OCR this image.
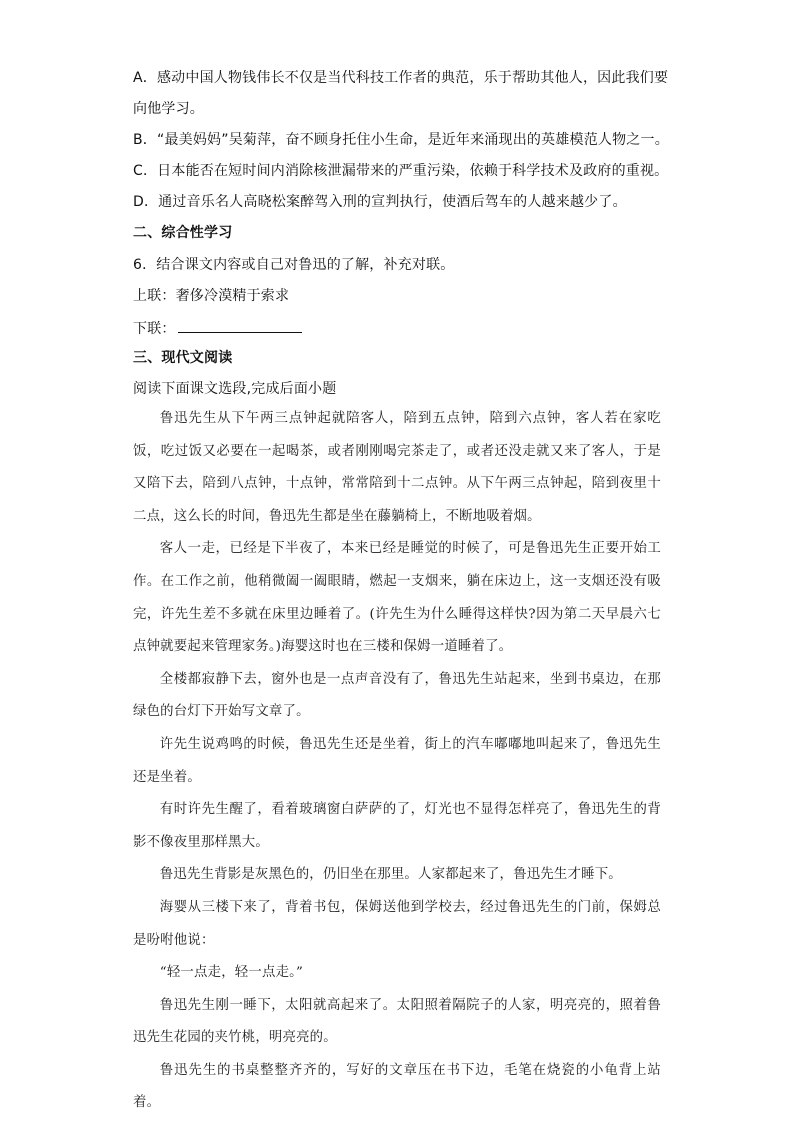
A．感动中国人物钱伟长不仅是当代科技工作者的典范，乐于帮助其他人，因此我们要
向他学习。
B．“最美妈妈”吴菊萍，奋不顾身托住小生命，是近年来涌现出的英雄模范人物之一。
C．日本能否在短时间内消除核泄漏带来的严重污染，依赖于科学技术及政府的重视。
D．通过音乐名人高晓松案醉驾入刑的宣判执行，使酒后驾车的人越来越少了。
二、综合性学习
6．结合课文内容或自己对鲁迅的了解，补充对联。
上联：奢侈冷漠精于索求
下联：
三、现代文阅读
阅读下面课文选段,完成后面小题

鲁迅先生从下午两三点钟起就陪客人，陪到五点钟，陪到六点钟，客人若在家吃饭，吃过饭又必要在一起喝茶，或者刚刚喝完茶走了，或者还没走就又来了客人，于是又陪下去，陪到八点钟，十点钟，常常陪到十二点钟。从下午两三点钟起，陪到夜里十二点，这么长的时间，鲁迅先生都是坐在藤躺椅上，不断地吸着烟。

客人一走，已经是下半夜了，本来已经是睡觉的时候了，可是鲁迅先生正要开始工作。在工作之前，他稍微阖一阖眼睛，燃起一支烟来，躺在床边上，这一支烟还没有吸完，许先生差不多就在床里边睡着了。(许先生为什么睡得这样快?因为第二天早晨六七点钟就要起来管理家务。)海婴这时也在三楼和保姆一道睡着了。

全楼都寂静下去，窗外也是一点声音没有了，鲁迅先生站起来，坐到书桌边，在那绿色的台灯下开始写文章了。

许先生说鸡鸣的时候，鲁迅先生还是坐着，街上的汽车嘟嘟地叫起来了，鲁迅先生还是坐着。

有时许先生醒了，看着玻璃窗白萨萨的了，灯光也不显得怎样亮了，鲁迅先生的背影不像夜里那样黑大。

鲁迅先生背影是灰黑色的，仍旧坐在那里。人家都起来了，鲁迅先生才睡下。

海婴从三楼下来了，背着书包，保姆送他到学校去，经过鲁迅先生的门前，保姆总是吩咐他说：

“轻一点走，轻一点走。”

鲁迅先生刚一睡下，太阳就高起来了。太阳照着隔院子的人家，明亮亮的，照着鲁迅先生花园的夹竹桃，明亮亮的。

鲁迅先生的书桌整整齐齐的，写好的文章压在书下边，毛笔在烧瓷的小龟背上站着。
